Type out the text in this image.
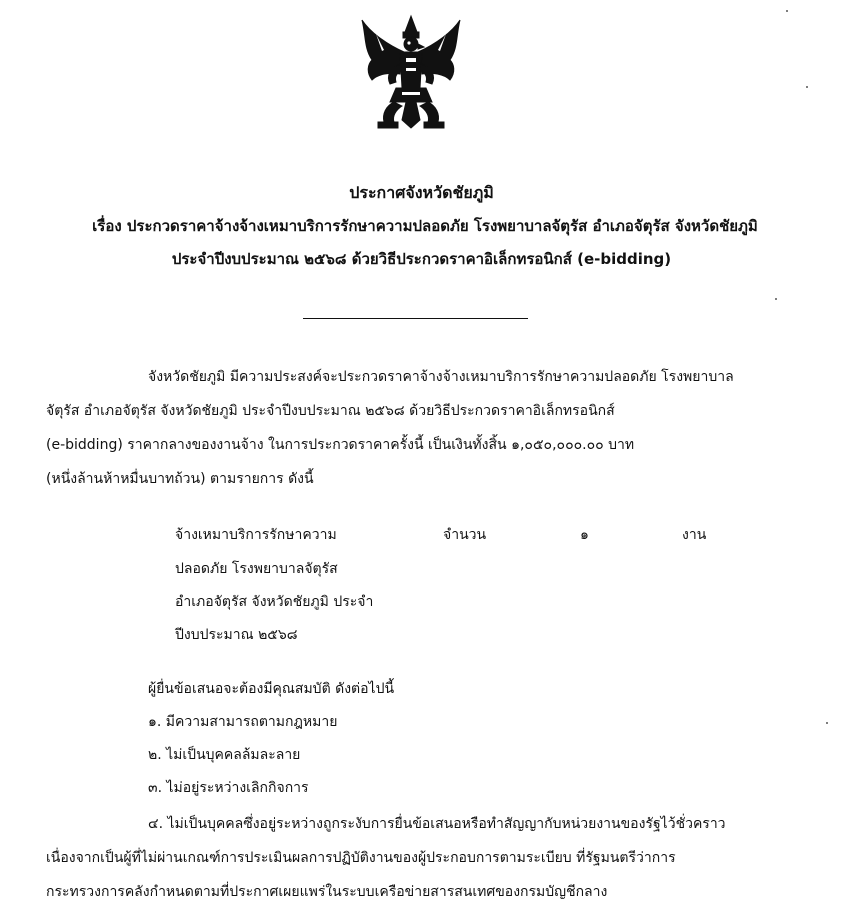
ประกาศจังหวัดชัยภูมิ
เรื่อง ประกวดราคาจ้างจ้างเหมาบริการรักษาความปลอดภัย โรงพยาบาลจัตุรัส อำเภอจัตุรัส จังหวัดชัยภูมิ
ประจำปีงบประมาณ ๒๕๖๘ ด้วยวิธีประกวดราคาอิเล็กทรอนิกส์ (e-bidding)
จังหวัดชัยภูมิ มีความประสงค์จะประกวดราคาจ้างจ้างเหมาบริการรักษาความปลอดภัย โรงพยาบาล
จัตุรัส อำเภอจัตุรัส จังหวัดชัยภูมิ ประจำปีงบประมาณ ๒๕๖๘ ด้วยวิธีประกวดราคาอิเล็กทรอนิกส์
(e-bidding) ราคากลางของงานจ้าง ในการประกวดราคาครั้งนี้ เป็นเงินทั้งสิ้น ๑,๐๕๐,๐๐๐.๐๐ บาท
(หนึ่งล้านห้าหมื่นบาทถ้วน) ตามรายการ ดังนี้
จ้างเหมาบริการรักษาความ	จำนวน	๑	งาน
ปลอดภัย โรงพยาบาลจัตุรัส
อำเภอจัตุรัส จังหวัดชัยภูมิ ประจำ
ปีงบประมาณ ๒๕๖๘
ผู้ยื่นข้อเสนอจะต้องมีคุณสมบัติ ดังต่อไปนี้
๑. มีความสามารถตามกฎหมาย
๒. ไม่เป็นบุคคลล้มละลาย
๓. ไม่อยู่ระหว่างเลิกกิจการ
๔. ไม่เป็นบุคคลซึ่งอยู่ระหว่างถูกระงับการยื่นข้อเสนอหรือทำสัญญากับหน่วยงานของรัฐไว้ชั่วคราว
เนื่องจากเป็นผู้ที่ไม่ผ่านเกณฑ์การประเมินผลการปฏิบัติงานของผู้ประกอบการตามระเบียบ ที่รัฐมนตรีว่าการ
กระทรวงการคลังกำหนดตามที่ประกาศเผยแพร่ในระบบเครือข่ายสารสนเทศของกรมบัญชีกลาง
